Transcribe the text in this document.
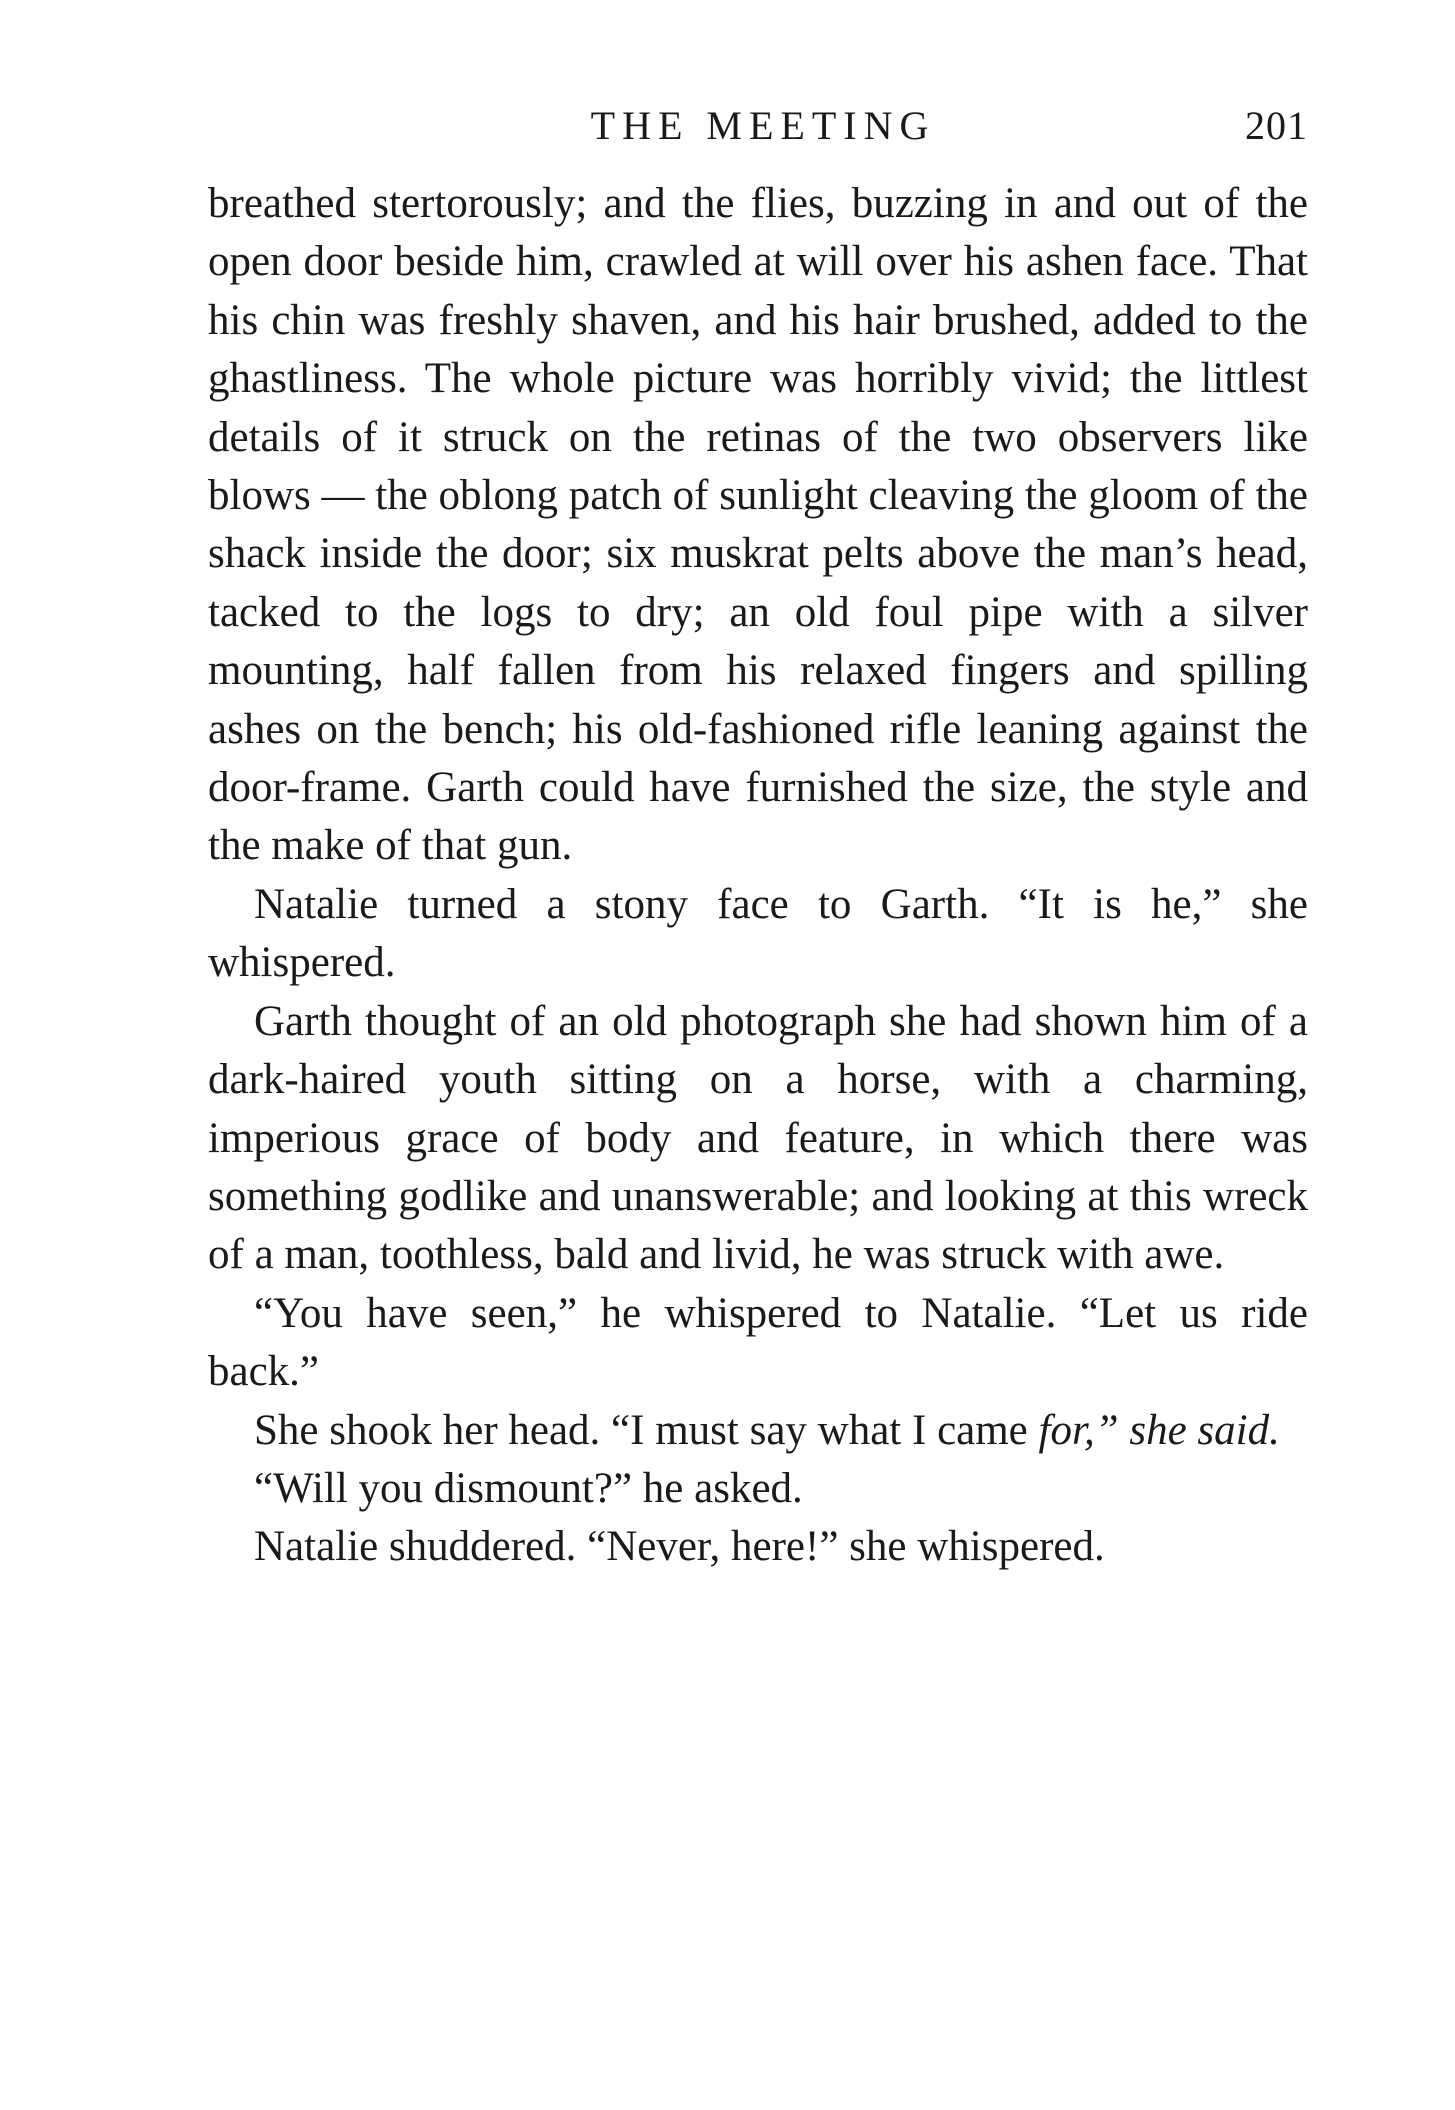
THE MEETING	201

breathed stertorously; and the flies, buzzing in and out of the open door beside him, crawled at will over his ashen face. That his chin was freshly shaven, and his hair brushed, added to the ghastliness. The whole picture was horribly vivid; the littlest details of it struck on the retinas of the two observers like blows — the oblong patch of sunlight cleaving the gloom of the shack inside the door; six muskrat pelts above the man’s head, tacked to the logs to dry; an old foul pipe with a silver mounting, half fallen from his relaxed fingers and spilling ashes on the bench; his old-fashioned rifle leaning against the door-frame. Garth could have furnished the size, the style and the make of that gun.

Natalie turned a stony face to Garth. “It is he,” she whispered.

Garth thought of an old photograph she had shown him of a dark-haired youth sitting on a horse, with a charming, imperious grace of body and feature, in which there was something godlike and unanswerable; and looking at this wreck of a man, toothless, bald and livid, he was struck with awe.

“You have seen,” he whispered to Natalie. “Let us ride back.”

She shook her head. “I must say what I came for,” she said.

“Will you dismount?” he asked.

Natalie shuddered. “Never, here!” she whispered.
